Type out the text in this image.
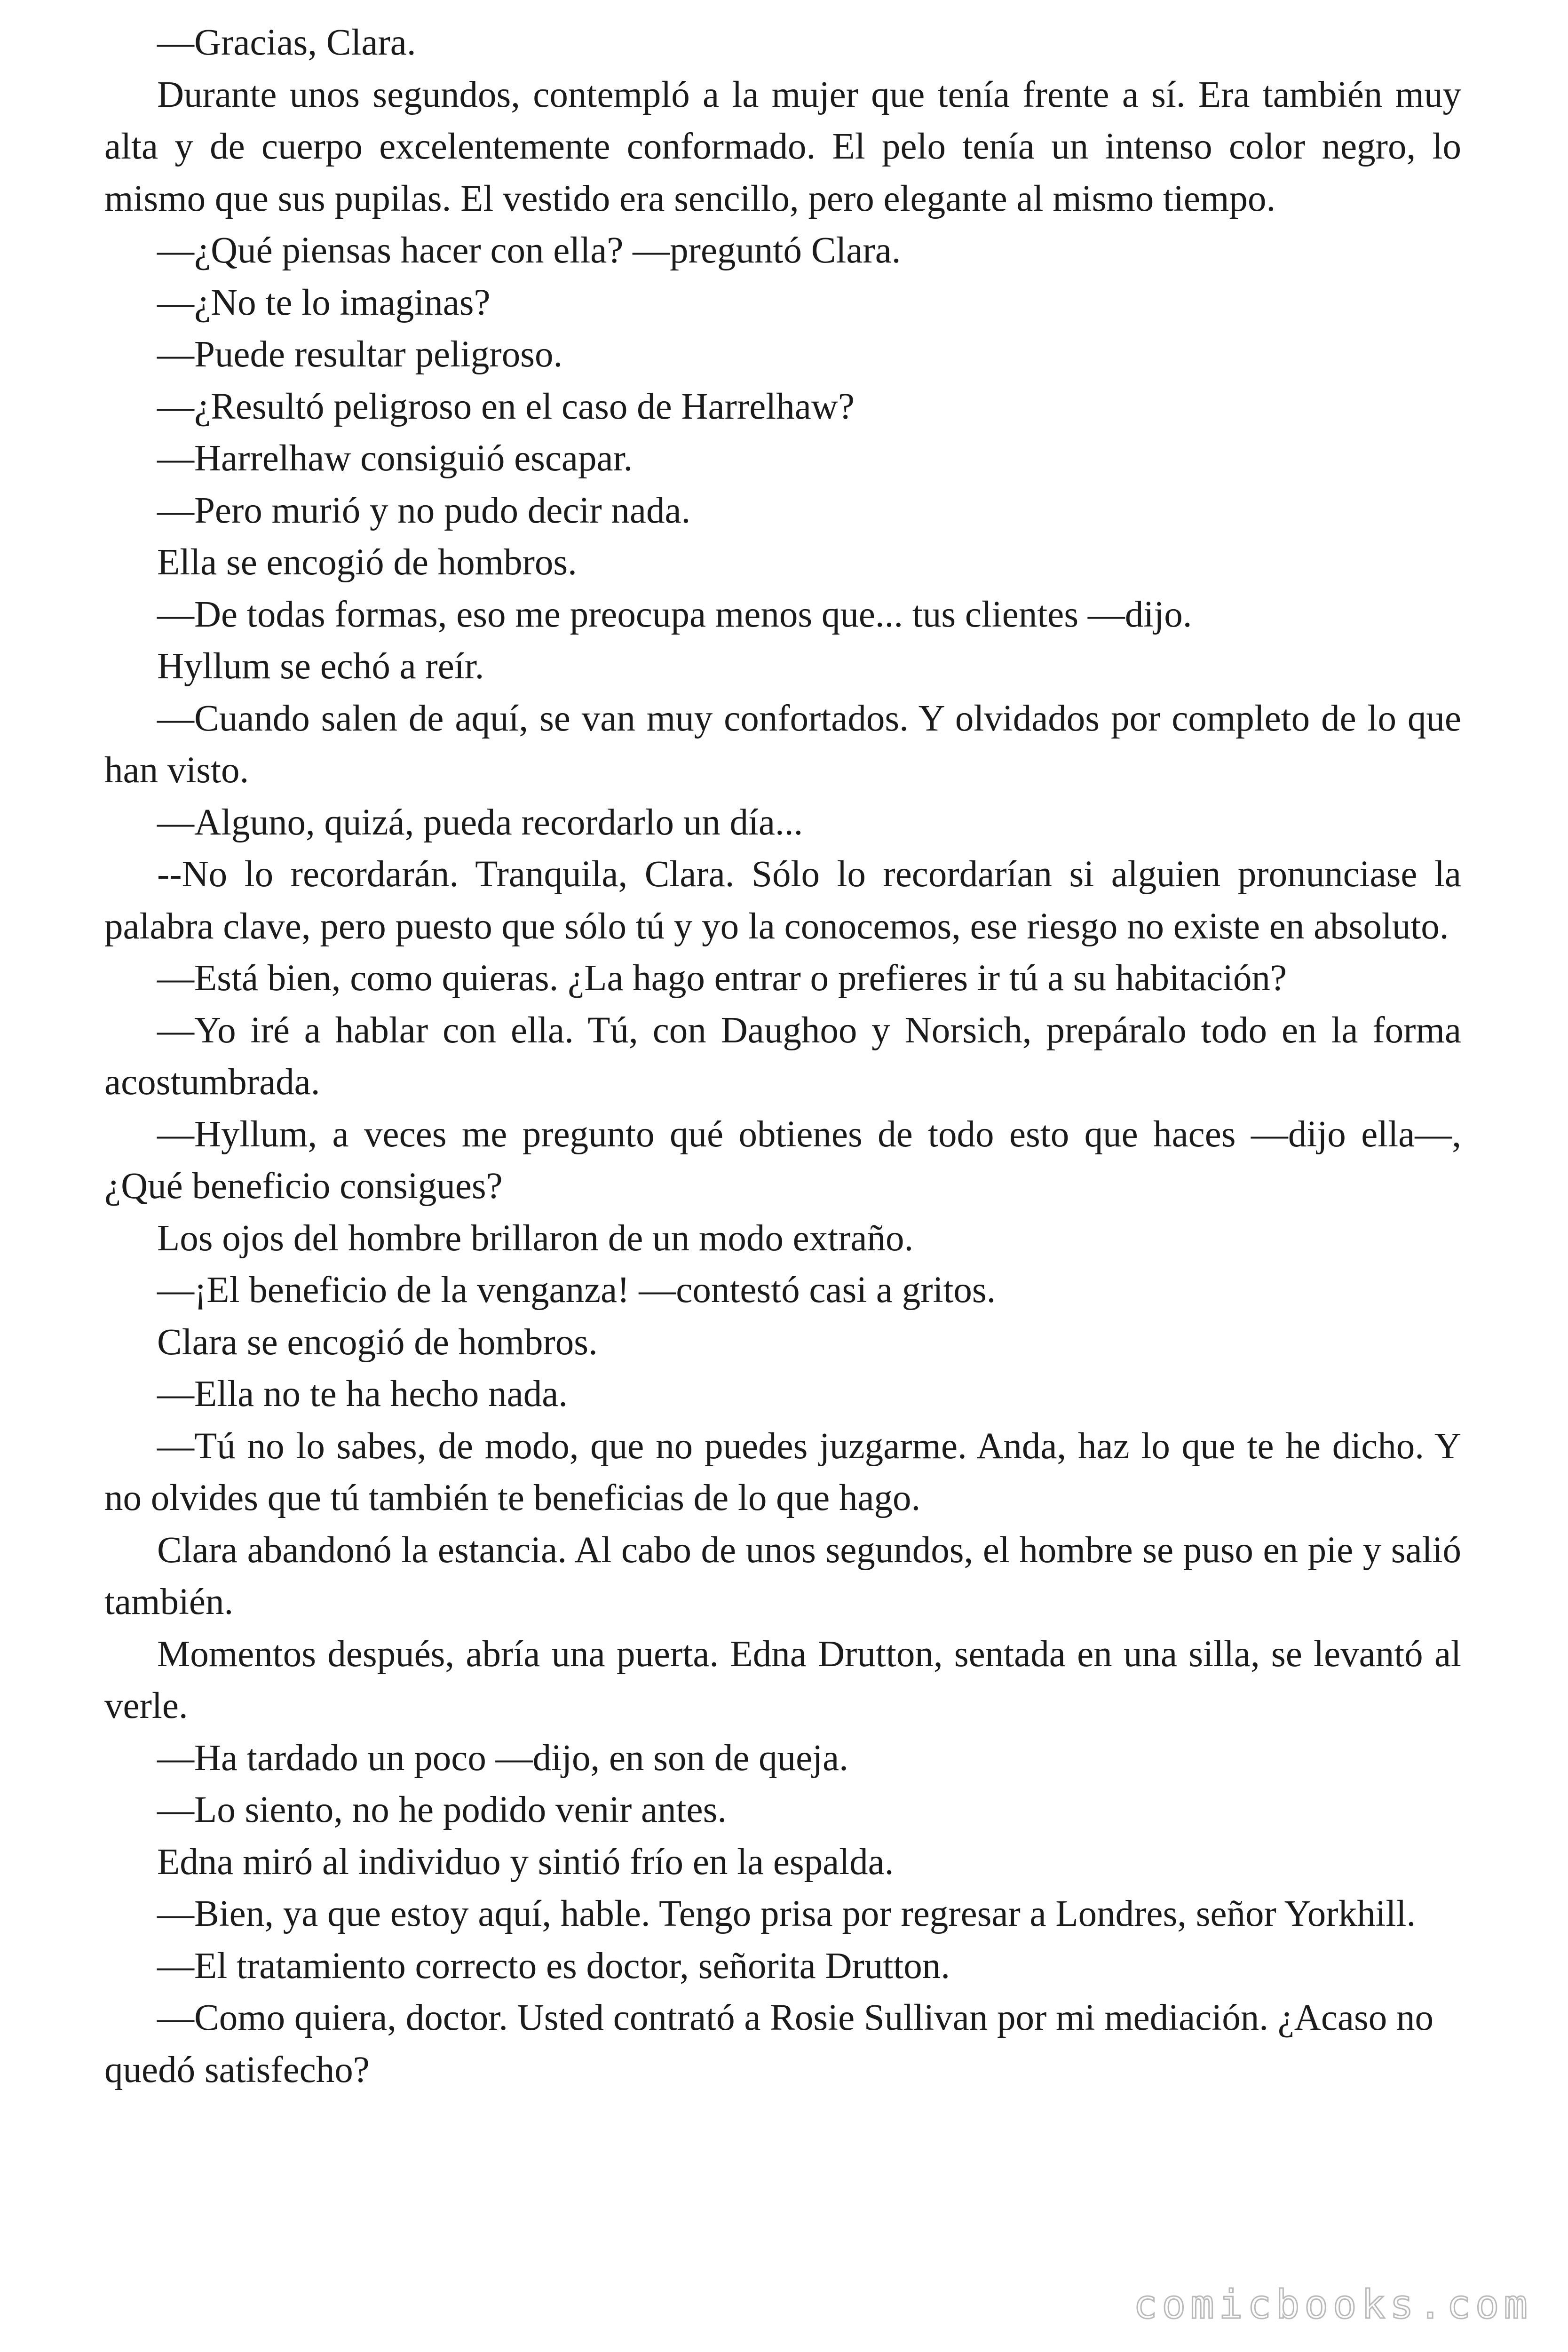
—Gracias, Clara.

Durante unos segundos, contempló a la mujer que tenía frente a sí. Era también muy alta y de cuerpo excelentemente conformado. El pelo tenía un intenso color negro, lo mismo que sus pupilas. El vestido era sencillo, pero elegante al mismo tiempo.

—¿Qué piensas hacer con ella? —preguntó Clara.

—¿No te lo imaginas?

—Puede resultar peligroso.

—¿Resultó peligroso en el caso de Harrelhaw?

—Harrelhaw consiguió escapar.

—Pero murió y no pudo decir nada.

Ella se encogió de hombros.

—De todas formas, eso me preocupa menos que... tus clientes —dijo.

Hyllum se echó a reír.

—Cuando salen de aquí, se van muy confortados. Y olvidados por completo de lo que han visto.

—Alguno, quizá, pueda recordarlo un día...

--No lo recordarán. Tranquila, Clara. Sólo lo recordarían si alguien pronunciase la palabra clave, pero puesto que sólo tú y yo la conocemos, ese riesgo no existe en absoluto.

—Está bien, como quieras. ¿La hago entrar o prefieres ir tú a su habitación?

—Yo iré a hablar con ella. Tú, con Daughoo y Norsich, prepáralo todo en la forma acostumbrada.

—Hyllum, a veces me pregunto qué obtienes de todo esto que haces —dijo ella—, ¿Qué beneficio consigues?

Los ojos del hombre brillaron de un modo extraño.

—¡El beneficio de la venganza! —contestó casi a gritos.

Clara se encogió de hombros.

—Ella no te ha hecho nada.

—Tú no lo sabes, de modo, que no puedes juzgarme. Anda, haz lo que te he dicho. Y no olvides que tú también te beneficias de lo que hago.

Clara abandonó la estancia. Al cabo de unos segundos, el hombre se puso en pie y salió también.

Momentos después, abría una puerta. Edna Drutton, sentada en una silla, se levantó al verle.

—Ha tardado un poco —dijo, en son de queja.

—Lo siento, no he podido venir antes.

Edna miró al individuo y sintió frío en la espalda.

—Bien, ya que estoy aquí, hable. Tengo prisa por regresar a Londres, señor Yorkhill.

—El tratamiento correcto es doctor, señorita Drutton.

—Como quiera, doctor. Usted contrató a Rosie Sullivan por mi mediación. ¿Acaso no quedó satisfecho?

comicbooks.com
